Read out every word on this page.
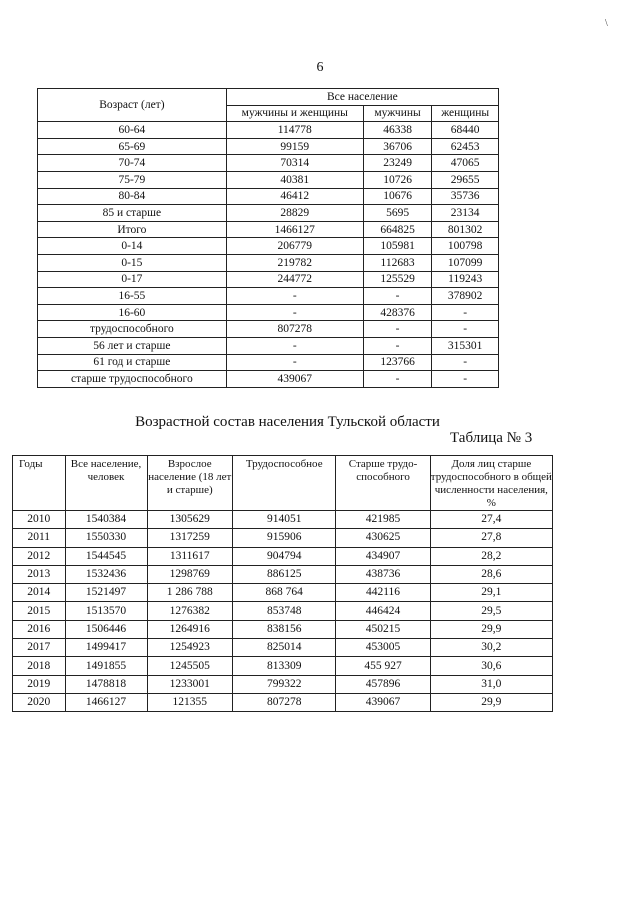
\
6
Возраст (лет)	Все население		
	мужчины и женщины	мужчины	женщины
60-64	114778	46338	68440
65-69	99159	36706	62453
70-74	70314	23249	47065
75-79	40381	10726	29655
80-84	46412	10676	35736
85 и старше	28829	5695	23134
Итого	1466127	664825	801302
0-14	206779	105981	100798
0-15	219782	112683	107099
0-17	244772	125529	119243
16-55	-	-	378902
16-60	-	428376	-
трудоспособного	807278	-	-
56 лет и старше	-	-	315301
61 год и старше	-	123766	-
старше трудоспособного	439067	-	-
Возрастной состав населения Тульской области
Таблица № 3
Годы	Все население, человек	Взрослое население (18 лет и старше)	Трудоспособное	Старше трудо-способного	Доля лиц старше трудоспособного в общей численности населения, %
2010	1540384	1305629	914051	421985	27,4
2011	1550330	1317259	915906	430625	27,8
2012	1544545	1311617	904794	434907	28,2
2013	1532436	1298769	886125	438736	28,6
2014	1521497	1 286 788	868 764	442116	29,1
2015	1513570	1276382	853748	446424	29,5
2016	1506446	1264916	838156	450215	29,9
2017	1499417	1254923	825014	453005	30,2
2018	1491855	1245505	813309	455 927	30,6
2019	1478818	1233001	799322	457896	31,0
2020	1466127	121355	807278	439067	29,9
